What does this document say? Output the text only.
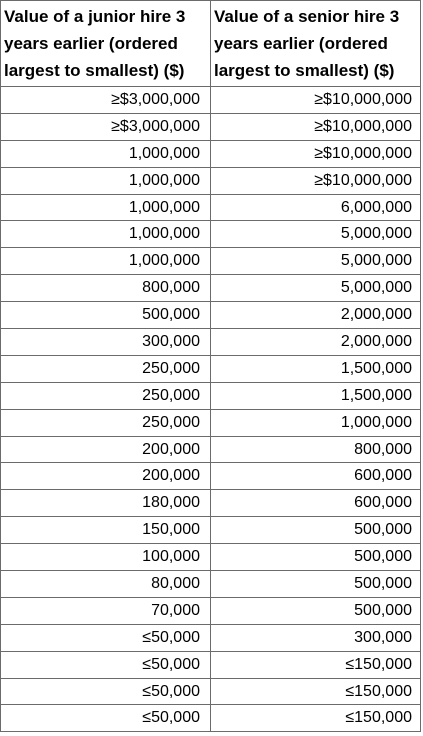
Value of a junior hire 3
years earlier (ordered
largest to smallest) ($)	Value of a senior hire 3
years earlier (ordered
largest to smallest) ($)

≥$3,000,000	≥$10,000,000
≥$3,000,000	≥$10,000,000
1,000,000	≥$10,000,000
1,000,000	≥$10,000,000
1,000,000	6,000,000
1,000,000	5,000,000
1,000,000	5,000,000
800,000	5,000,000
500,000	2,000,000
300,000	2,000,000
250,000	1,500,000
250,000	1,500,000
250,000	1,000,000
200,000	800,000
200,000	600,000
180,000	600,000
150,000	500,000
100,000	500,000
80,000	500,000
70,000	500,000
≤50,000	300,000
≤50,000	≤150,000
≤50,000	≤150,000
≤50,000	≤150,000
